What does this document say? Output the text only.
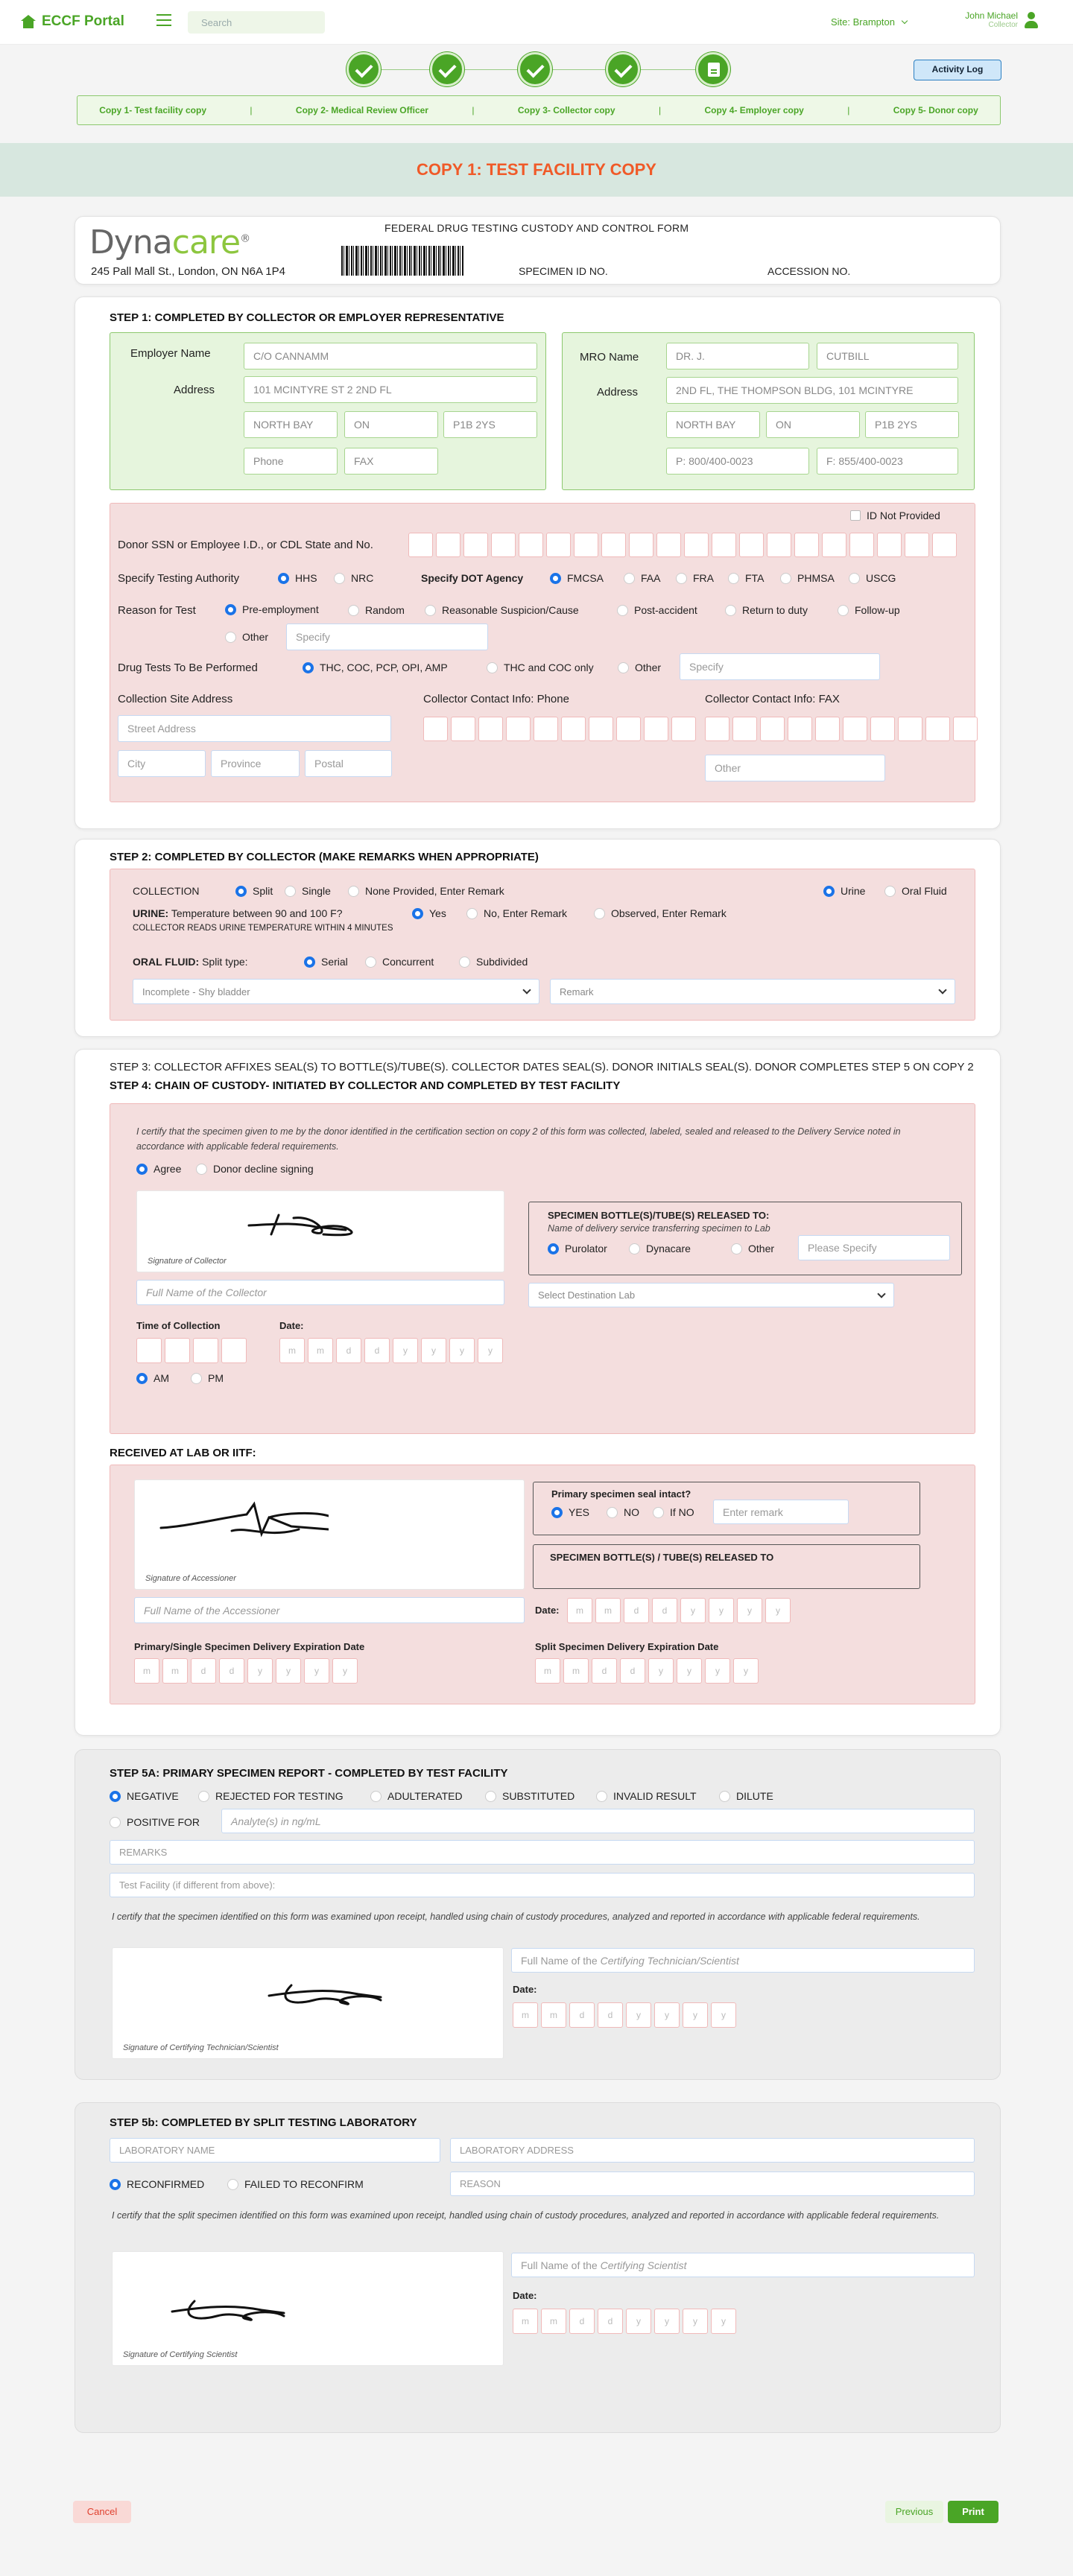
ECCF Portal	Search	Site: Brampton
John Michael
Collector
Activity Log
Copy 1- Test facility copy	|	Copy 2- Medical Review Officer	|	Copy 3- Collector copy	|	Copy 4- Employer copy	|	Copy 5- Donor copy
COPY 1: TEST FACILITY COPY
Dynacare®
245 Pall Mall St., London, ON N6A 1P4
FEDERAL DRUG TESTING CUSTODY AND CONTROL FORM
SPECIMEN ID NO.	ACCESSION NO.
STEP 1: COMPLETED BY COLLECTOR OR EMPLOYER REPRESENTATIVE
Employer Name	C/O CANNAMM
Address	101 MCINTYRE ST 2 2ND FL
NORTH BAY	ON	P1B 2YS
Phone	FAX
MRO Name	DR. J.	CUTBILL
Address	2ND FL, THE THOMPSON BLDG, 101 MCINTYRE
NORTH BAY	ON	P1B 2YS
P: 800/400-0023	F: 855/400-0023
ID Not Provided
Donor SSN or Employee I.D., or CDL State and No.
Specify Testing Authority	HHS	NRC	Specify DOT Agency	FMCSA	FAA	FRA	FTA	PHMSA	USCG
Reason for Test	Pre-employment	Random	Reasonable Suspicion/Cause	Post-accident	Return to duty	Follow-up
Other	Specify
Drug Tests To Be Performed	THC, COC, PCP, OPI, AMP	THC and COC only	Other	Specify
Collection Site Address
Street Address
City	Province	Postal
Collector Contact Info: Phone	Collector Contact Info: FAX
Other
STEP 2: COMPLETED BY COLLECTOR (MAKE REMARKS WHEN APPROPRIATE)
COLLECTION	Split	Single	None Provided, Enter Remark	Urine	Oral Fluid
URINE: Temperature between 90 and 100 F?	Yes	No, Enter Remark	Observed, Enter Remark
COLLECTOR READS URINE TEMPERATURE WITHIN 4 MINUTES
ORAL FLUID: Split type:	Serial	Concurrent	Subdivided
Incomplete - Shy bladder	Remark
STEP 3: COLLECTOR AFFIXES SEAL(S) TO BOTTLE(S)/TUBE(S). COLLECTOR DATES SEAL(S). DONOR INITIALS SEAL(S). DONOR COMPLETES STEP 5 ON COPY 2
STEP 4: CHAIN OF CUSTODY- INITIATED BY COLLECTOR AND COMPLETED BY TEST FACILITY
I certify that the specimen given to me by the donor identified in the certification section on copy 2 of this form was collected, labeled, sealed and released to the Delivery Service noted in accordance with applicable federal requirements.
Agree	Donor decline signing
Signature of Collector
Full Name of the Collector
Time of Collection	Date:
m	m	d	d	y	y	y	y
AM	PM
SPECIMEN BOTTLE(S)/TUBE(S) RELEASED TO:
Name of delivery service transferring specimen to Lab
Purolator	Dynacare	Other	Please Specify
Select Destination Lab
RECEIVED AT LAB OR IITF:
Signature of Accessioner
Full Name of the Accessioner
Primary specimen seal intact?
YES	NO	If NO	Enter remark
SPECIMEN BOTTLE(S) / TUBE(S) RELEASED TO
Date:	m	m	d	d	y	y	y	y
Primary/Single Specimen Delivery Expiration Date
m	m	d	d	y	y	y	y
Split Specimen Delivery Expiration Date
m	m	d	d	y	y	y	y
STEP 5A: PRIMARY SPECIMEN REPORT - COMPLETED BY TEST FACILITY
NEGATIVE	REJECTED FOR TESTING	ADULTERATED	SUBSTITUTED	INVALID RESULT	DILUTE
POSITIVE FOR	Analyte(s) in ng/mL
REMARKS
Test Facility (if different from above):
I certify that the specimen identified on this form was examined upon receipt, handled using chain of custody procedures, analyzed and reported in accordance with applicable federal requirements.
Signature of Certifying Technician/Scientist
Full Name of the
Certifying Technician/Scientist
Date:
m	m	d	d	y	y	y	y
STEP 5b: COMPLETED BY SPLIT TESTING LABORATORY
LABORATORY NAME	LABORATORY ADDRESS
RECONFIRMED	FAILED TO RECONFIRM	REASON
I certify that the split specimen identified on this form was examined upon receipt, handled using chain of custody procedures, analyzed and reported in accordance with applicable federal requirements.
Signature of Certifying Scientist
Full Name of the
Certifying Scientist
Date:
m	m	d	d	y	y	y	y
Cancel	Previous	Print
